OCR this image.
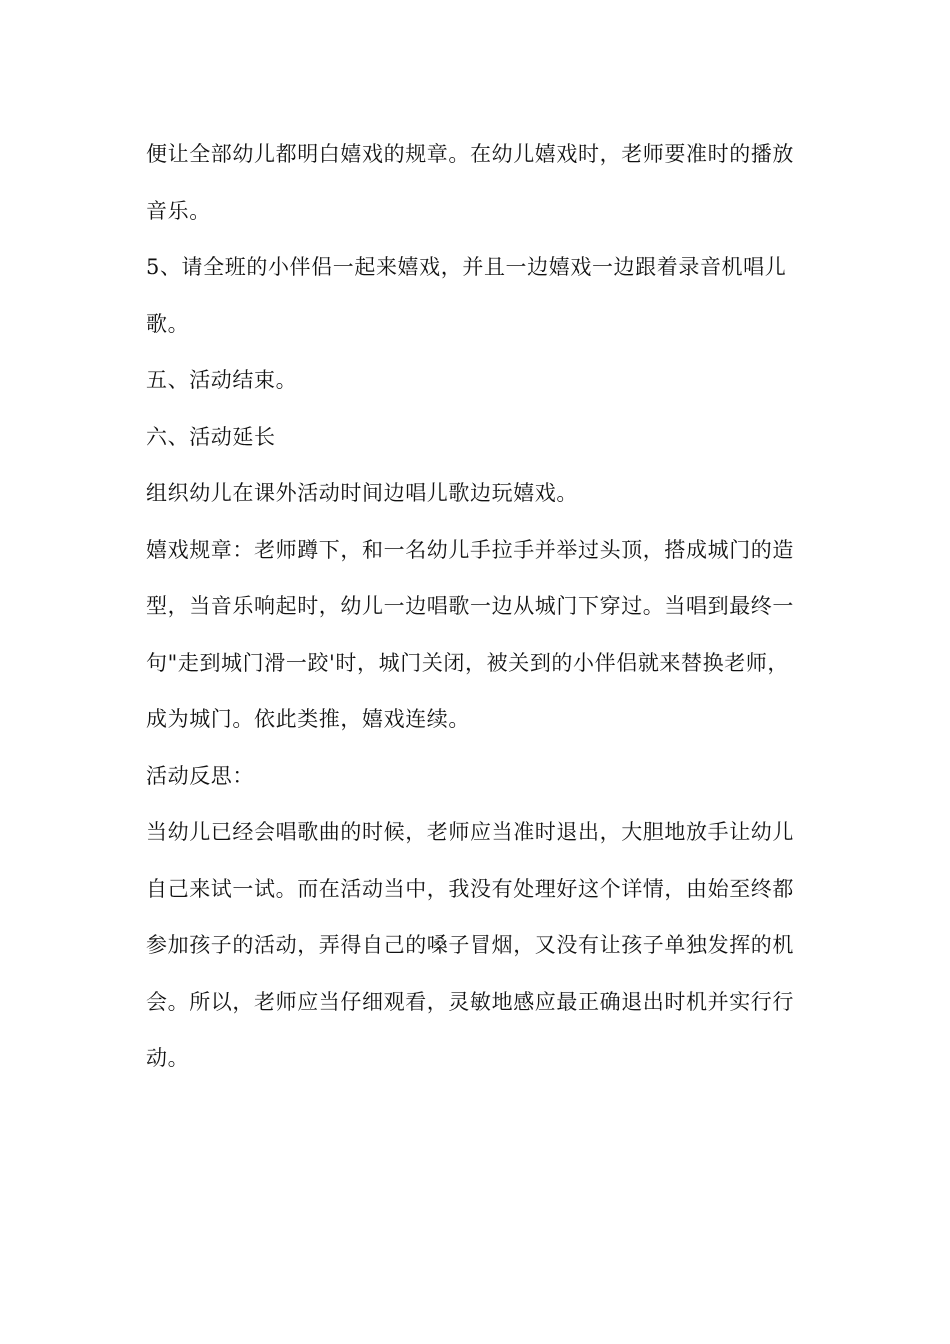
便让全部幼儿都明白嬉戏的规章。在幼儿嬉戏时，老师要准时的播放音乐。

5、请全班的小伴侣一起来嬉戏，并且一边嬉戏一边跟着录音机唱儿歌。

五、活动结束。

六、活动延长

组织幼儿在课外活动时间边唱儿歌边玩嬉戏。

嬉戏规章：老师蹲下，和一名幼儿手拉手并举过头顶，搭成城门的造型，当音乐响起时，幼儿一边唱歌一边从城门下穿过。当唱到最终一句"走到城门滑一跤'时，城门关闭，被关到的小伴侣就来替换老师，成为城门。依此类推，嬉戏连续。

活动反思：

当幼儿已经会唱歌曲的时候，老师应当准时退出，大胆地放手让幼儿自己来试一试。而在活动当中，我没有处理好这个详情，由始至终都参加孩子的活动，弄得自己的嗓子冒烟，又没有让孩子单独发挥的机会。所以，老师应当仔细观看，灵敏地感应最正确退出时机并实行行动。
